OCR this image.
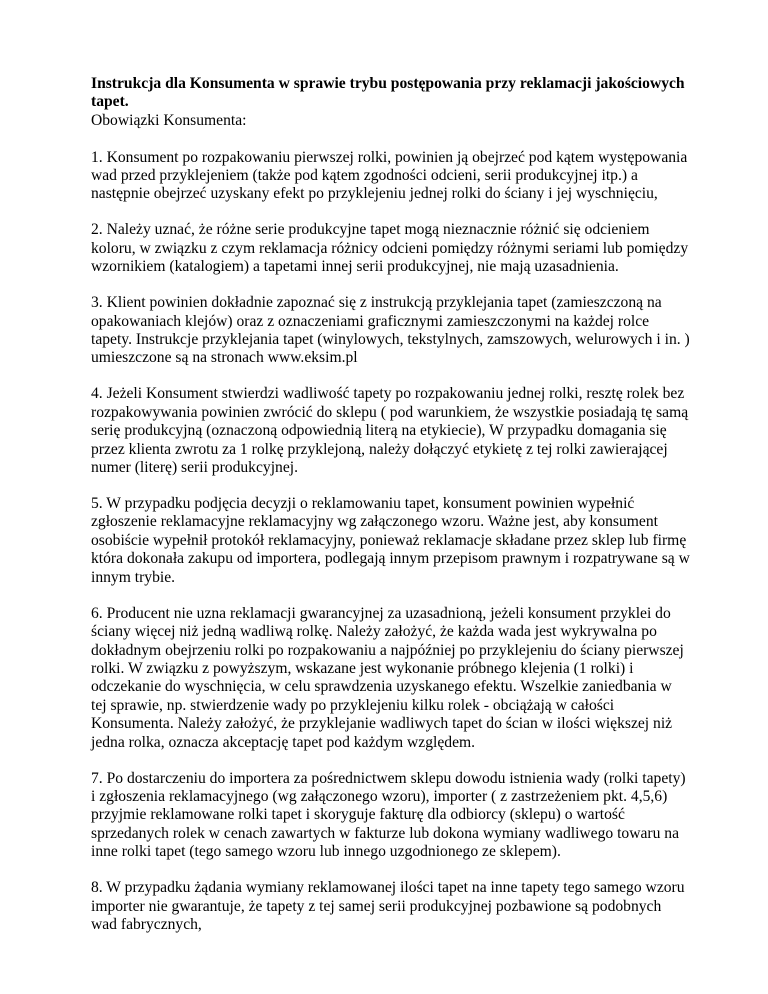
Instrukcja dla Konsumenta w sprawie trybu postępowania przy reklamacji jakościowych tapet.

Obowiązki Konsumenta:

1. Konsument po rozpakowaniu pierwszej rolki, powinien ją obejrzeć pod kątem występowania wad przed przyklejeniem (także pod kątem zgodności odcieni, serii produkcyjnej itp.) a następnie obejrzeć uzyskany efekt po przyklejeniu jednej rolki do ściany i jej wyschnięciu,

2. Należy uznać, że różne serie produkcyjne tapet mogą nieznacznie różnić się odcieniem koloru, w związku z czym reklamacja różnicy odcieni pomiędzy różnymi seriami lub pomiędzy wzornikiem (katalogiem) a tapetami innej serii produkcyjnej, nie mają uzasadnienia.

3. Klient powinien dokładnie zapoznać się z instrukcją przyklejania tapet (zamieszczoną na opakowaniach klejów) oraz z oznaczeniami graficznymi zamieszczonymi na każdej rolce tapety. Instrukcje przyklejania tapet (winylowych, tekstylnych, zamszowych, welurowych i in. ) umieszczone są na stronach www.eksim.pl

4. Jeżeli Konsument stwierdzi wadliwość tapety po rozpakowaniu jednej rolki, resztę rolek bez rozpakowywania powinien zwrócić do sklepu ( pod warunkiem, że wszystkie posiadają tę samą serię produkcyjną (oznaczoną odpowiednią literą na etykiecie), W przypadku domagania się przez klienta zwrotu za 1 rolkę przyklejoną, należy dołączyć etykietę z tej rolki zawierającej numer (literę) serii produkcyjnej.

5. W przypadku podjęcia decyzji o reklamowaniu tapet, konsument powinien wypełnić zgłoszenie reklamacyjne reklamacyjny wg załączonego wzoru. Ważne jest, aby konsument osobiście wypełnił protokół reklamacyjny, ponieważ reklamacje składane przez sklep lub firmę która dokonała zakupu od importera, podlegają innym przepisom prawnym i rozpatrywane są w innym trybie.

6. Producent nie uzna reklamacji gwarancyjnej za uzasadnioną, jeżeli konsument przyklei do ściany więcej niż jedną wadliwą rolkę. Należy założyć, że każda wada jest wykrywalna po dokładnym obejrzeniu rolki po rozpakowaniu a najpóźniej po przyklejeniu do ściany pierwszej rolki. W związku z powyższym, wskazane jest wykonanie próbnego klejenia (1 rolki) i odczekanie do wyschnięcia, w celu sprawdzenia uzyskanego efektu. Wszelkie zaniedbania w tej sprawie, np. stwierdzenie wady po przyklejeniu kilku rolek - obciążają w całości Konsumenta. Należy założyć, że przyklejanie wadliwych tapet do ścian w ilości większej niż jedna rolka, oznacza akceptację tapet pod każdym względem.

7. Po dostarczeniu do importera za pośrednictwem sklepu dowodu istnienia wady (rolki tapety) i zgłoszenia reklamacyjnego (wg załączonego wzoru), importer ( z zastrzeżeniem pkt. 4,5,6) przyjmie reklamowane rolki tapet i skoryguje fakturę dla odbiorcy (sklepu) o wartość sprzedanych rolek w cenach zawartych w fakturze lub dokona wymiany wadliwego towaru na inne rolki tapet (tego samego wzoru lub innego uzgodnionego ze sklepem).

8. W przypadku żądania wymiany reklamowanej ilości tapet na inne tapety tego samego wzoru importer nie gwarantuje, że tapety z tej samej serii produkcyjnej pozbawione są podobnych wad fabrycznych,
